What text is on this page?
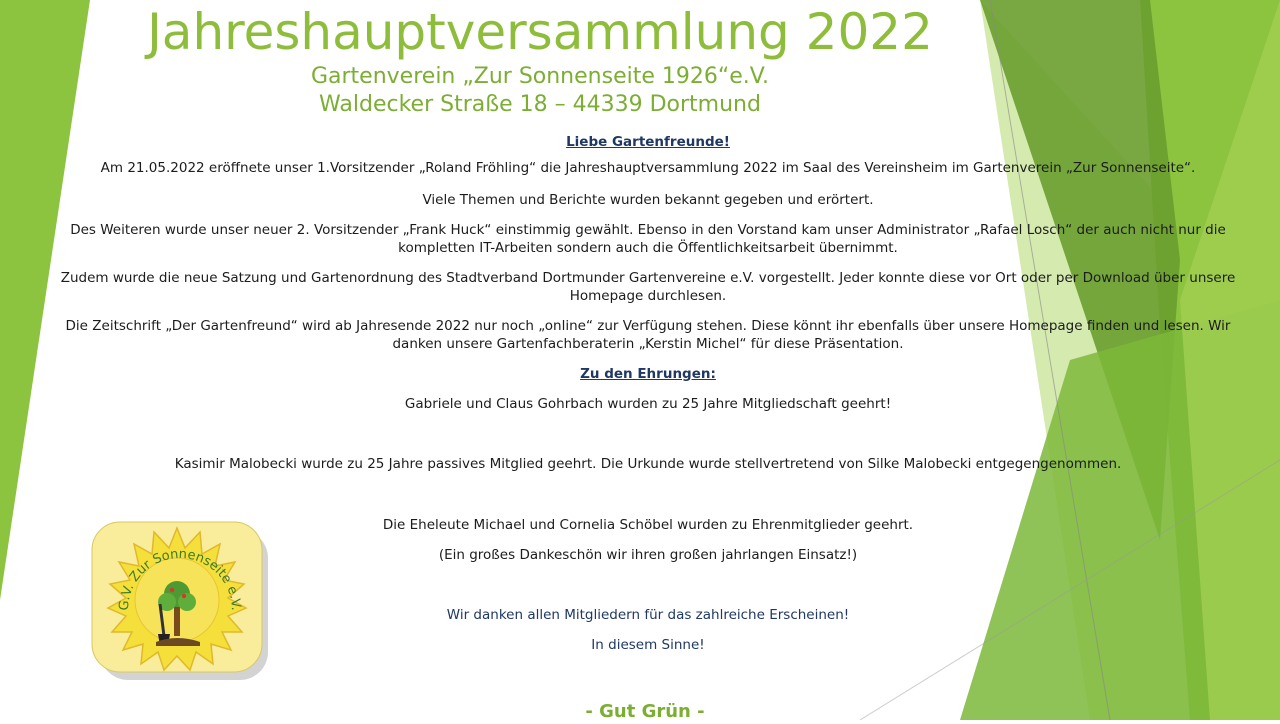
Jahreshauptversammlung 2022
Gartenverein „Zur Sonnenseite 1926“e.V.
Waldecker Straße 18 – 44339 Dortmund

Liebe Gartenfreunde!

Am 21.05.2022 eröffnete unser 1.Vorsitzender „Roland Fröhling“ die Jahreshauptversammlung 2022 im Saal des Vereinsheim im Gartenverein „Zur Sonnenseite“.

Viele Themen und Berichte wurden bekannt gegeben und erörtert.

Des Weiteren wurde unser neuer 2. Vorsitzender „Frank Huck“ einstimmig gewählt. Ebenso in den Vorstand kam unser Administrator „Rafael Losch“ der auch nicht nur die kompletten IT-Arbeiten sondern auch die Öffentlichkeitsarbeit übernimmt.

Zudem wurde die neue Satzung und Gartenordnung des Stadtverband Dortmunder Gartenvereine e.V. vorgestellt. Jeder konnte diese vor Ort oder per Download über unsere Homepage durchlesen.

Die Zeitschrift „Der Gartenfreund“ wird ab Jahresende 2022 nur noch „online“ zur Verfügung stehen. Diese könnt ihr ebenfalls über unsere Homepage finden und lesen. Wir danken unsere Gartenfachberaterin „Kerstin Michel“ für diese Präsentation.

Zu den Ehrungen:

Gabriele und Claus Gohrbach wurden zu 25 Jahre Mitgliedschaft geehrt!

Kasimir Malobecki wurde zu 25 Jahre passives Mitglied geehrt. Die Urkunde wurde stellvertretend von Silke Malobecki entgegengenommen.

Die Eheleute Michael und Cornelia Schöbel wurden zu Ehrenmitglieder geehrt.

(Ein großes Dankeschön wir ihren großen jahrlangen Einsatz!)

Wir danken allen Mitgliedern für das zahlreiche Erscheinen!

In diesem Sinne!

- Gut Grün -
G.V. Zur Sonnenseite e.V.
